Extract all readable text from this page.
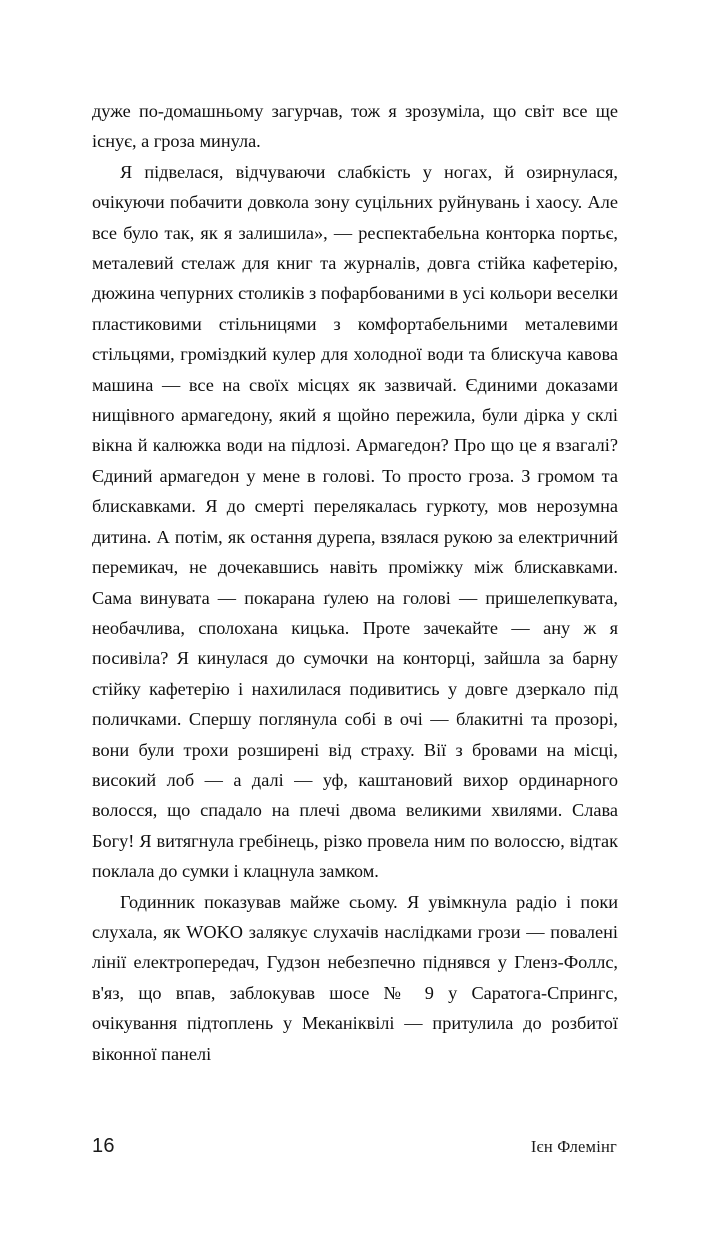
дуже по-домашньому загурчав, тож я зрозуміла, що світ все ще існує, а гроза минула.

Я підвелася, відчуваючи слабкість у ногах, й озирнулася, очікуючи побачити довкола зону суцільних руйнувань і хаосу. Але все було так, як я залишила», — респектабельна конторка портьє, металевий стелаж для книг та журналів, довга стійка кафетерію, дюжина чепурних столиків з пофарбованими в усі кольори веселки пластиковими стільницями з комфортабельними металевими стільцями, громіздкий кулер для холодної води та блискуча кавова машина — все на своїх місцях як зазвичай. Єдиними доказами нищівного армагедону, який я щойно пережила, були дірка у склі вікна й калюжка води на підлозі. Армагедон? Про що це я взагалі? Єдиний армагедон у мене в голові. То просто гроза. З громом та блискавками. Я до смерті перелякалась гуркоту, мов нерозумна дитина. А потім, як остання дурепа, взялася рукою за електричний перемикач, не дочекавшись навіть проміжку між блискавками. Сама винувата — покарана ґулею на голові — пришелепкувата, необачлива, сполохана кицька. Проте зачекайте — ану ж я посивіла? Я кинулася до сумочки на конторці, зайшла за барну стійку кафетерію і нахилилася подивитись у довге дзеркало під поличками. Спершу поглянула собі в очі — блакитні та прозорі, вони були трохи розширені від страху. Вії з бровами на місці, високий лоб — а далі — уф, каштановий вихор ординарного волосся, що спадало на плечі двома великими хвилями. Слава Богу! Я витягнула гребінець, різко провела ним по волоссю, відтак поклала до сумки і клацнула замком.

Годинник показував майже сьому. Я увімкнула радіо і поки слухала, як WOKO залякує слухачів наслідками грози — повалені лінії електропередач, Гудзон небезпечно піднявся у Гленз-Фоллс, в'яз, що впав, заблокував шосе № 9 у Саратога-Спрингс, очікування підтоплень у Меканіквілі — притулила до розбитої віконної панелі

16	Ієн Флемінг
